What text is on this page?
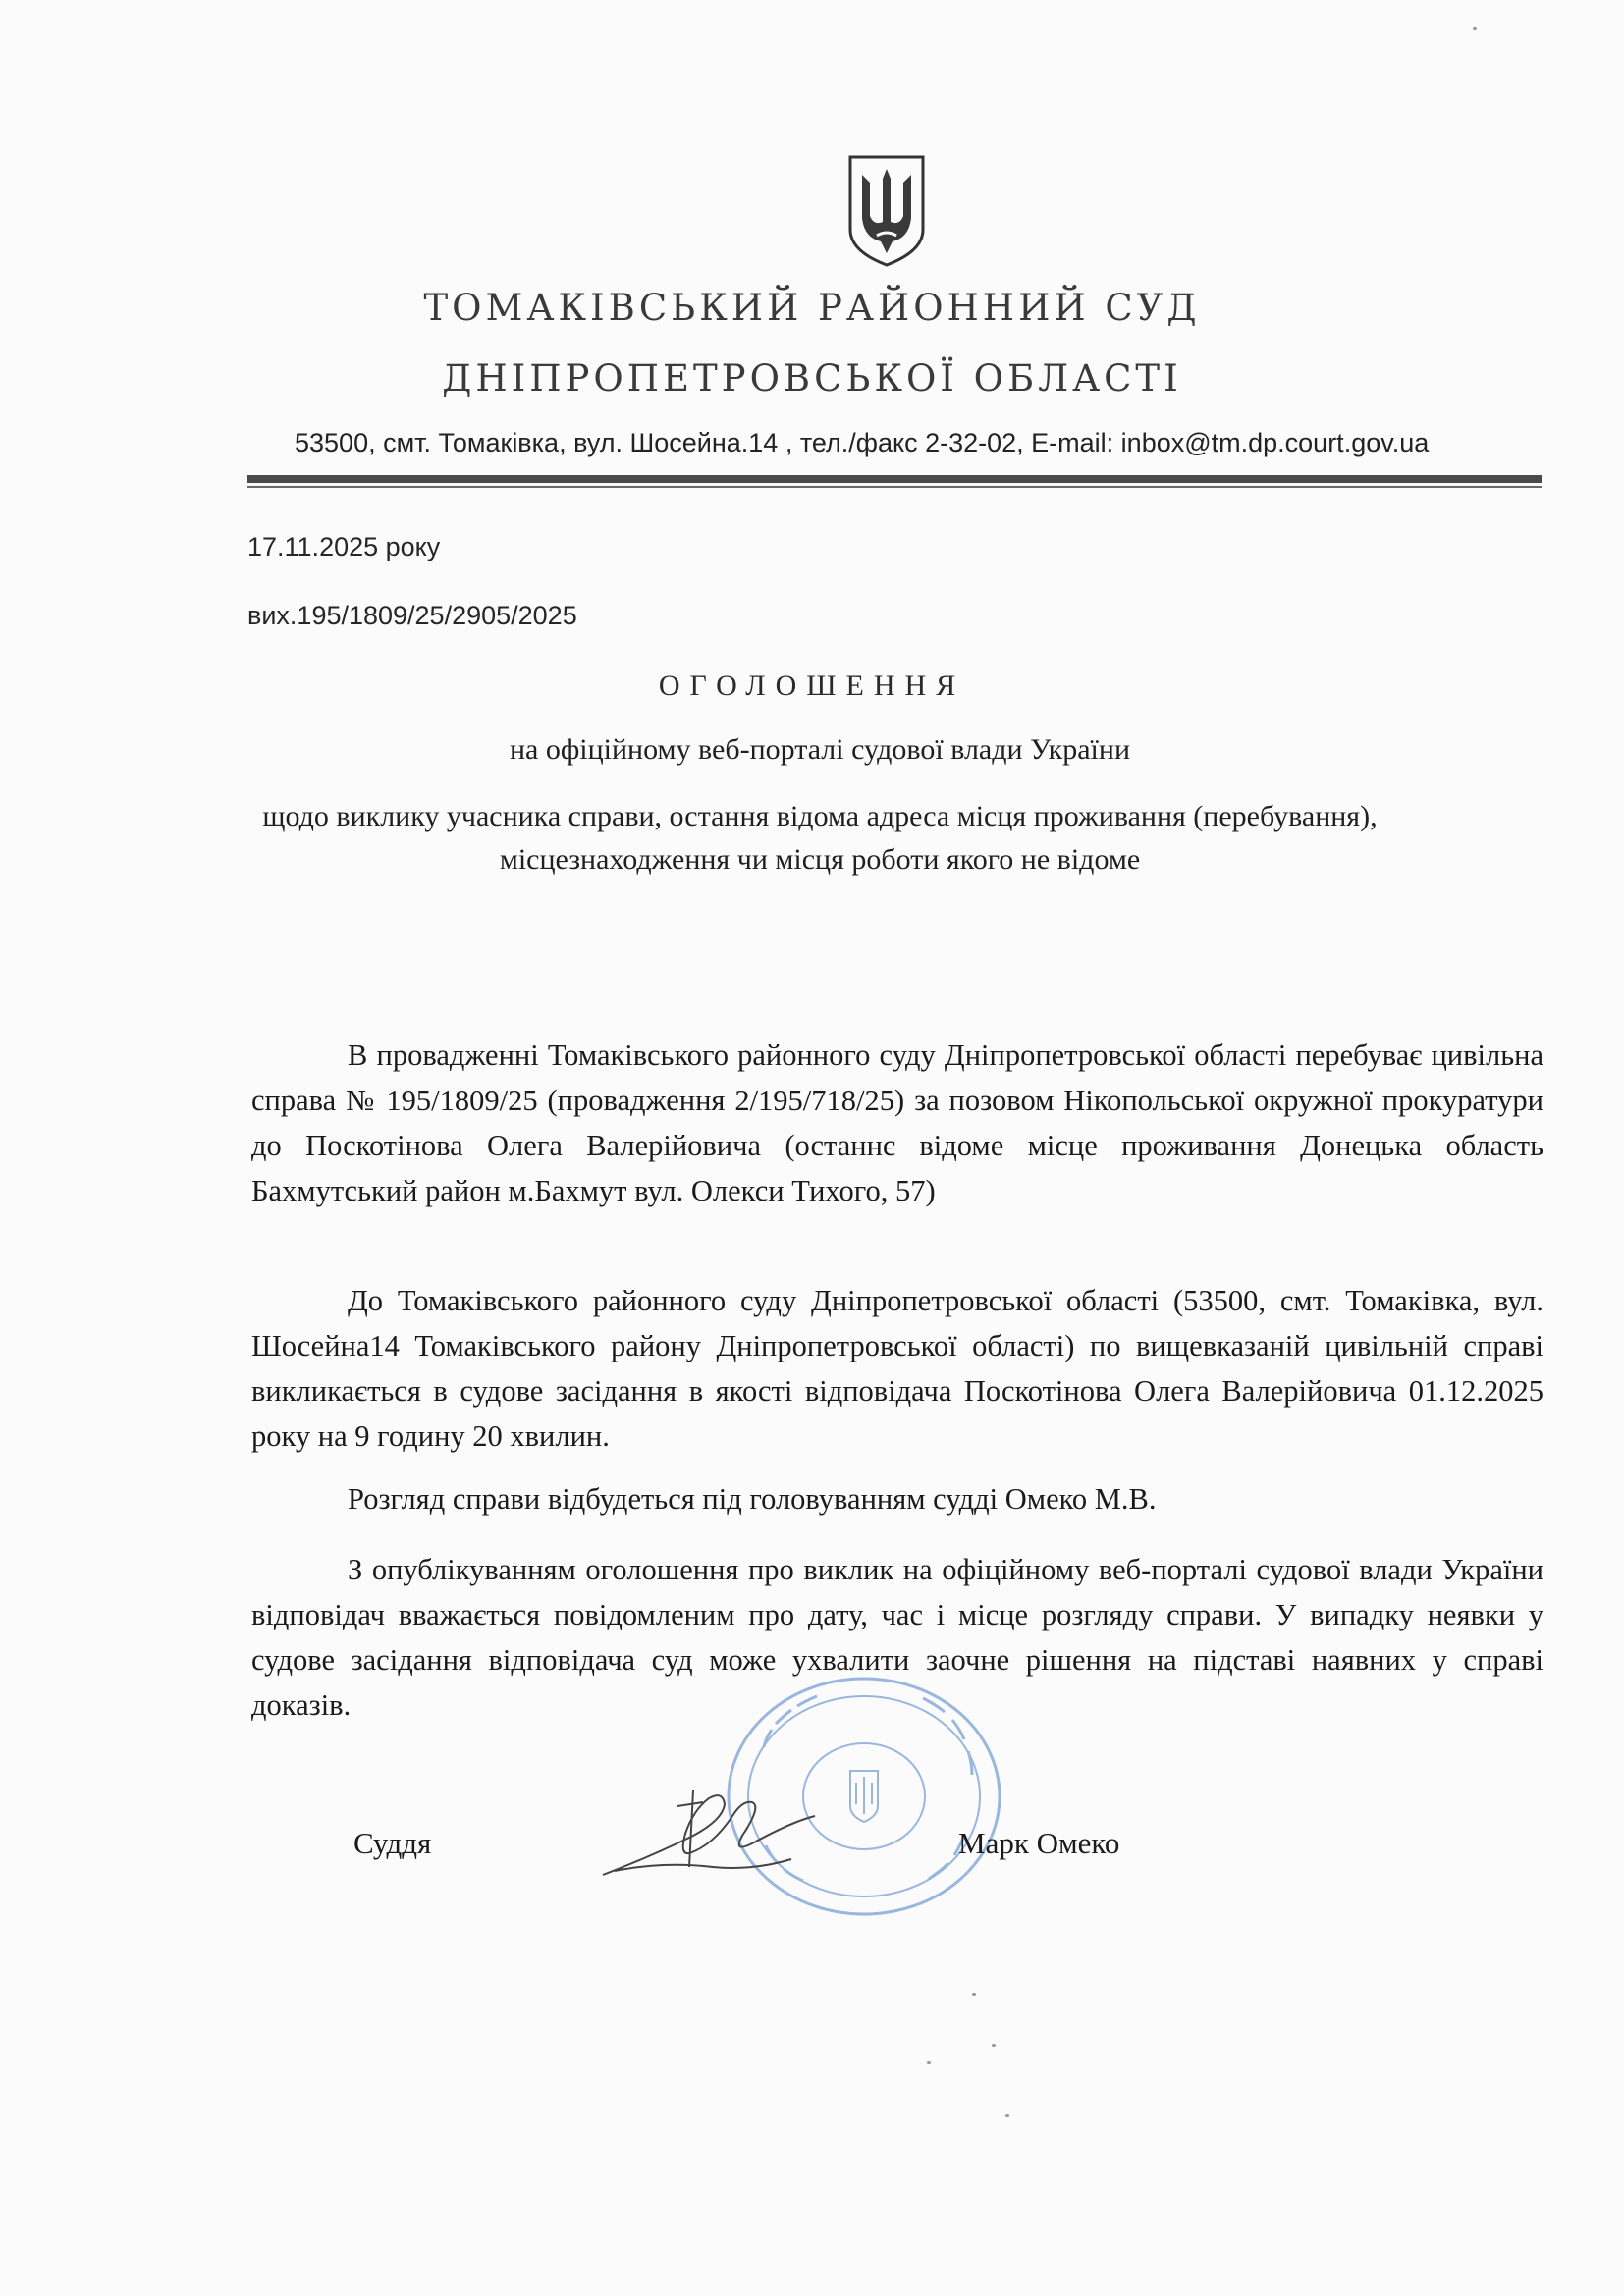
ТОМАКІВСЬКИЙ РАЙОННИЙ СУД
ДНІПРОПЕТРОВСЬКОЇ ОБЛАСТІ
53500, смт. Томаківка, вул. Шосейна.14 , тел./факс 2-32-02, E-mail: inbox@tm.dp.court.gov.ua
17.11.2025 року
вих.195/1809/25/2905/2025
ОГОЛОШЕННЯ
на офіційному веб-порталі судової влади України
щодо виклику учасника справи, остання відома адреса місця проживання (перебування), місцезнаходження чи місця роботи якого не відоме

В провадженні Томаківського районного суду Дніпропетровської області перебуває цивільна справа № 195/1809/25 (провадження 2/195/718/25) за позовом Нікопольської окружної прокуратури до Поскотінова Олега Валерійовича (останнє відоме місце проживання Донецька область Бахмутський район м.Бахмут вул. Олекси Тихого, 57)

До Томаківського районного суду Дніпропетровської області (53500, смт. Томаківка, вул. Шосейна14 Томаківського району Дніпропетровської області) по вищевказаній цивільній справі викликається в судове засідання в якості відповідача Поскотінова Олега Валерійовича 01.12.2025 року на 9 годину 20 хвилин.

Розгляд справи відбудеться під головуванням судді Омеко М.В.

З опублікуванням оголошення про виклик на офіційному веб-порталі судової влади України відповідач вважається повідомленим про дату, час і місце розгляду справи. У випадку неявки у судове засідання відповідача суд може ухвалити заочне рішення на підставі наявних у справі доказів.

Суддя	Марк Омеко
